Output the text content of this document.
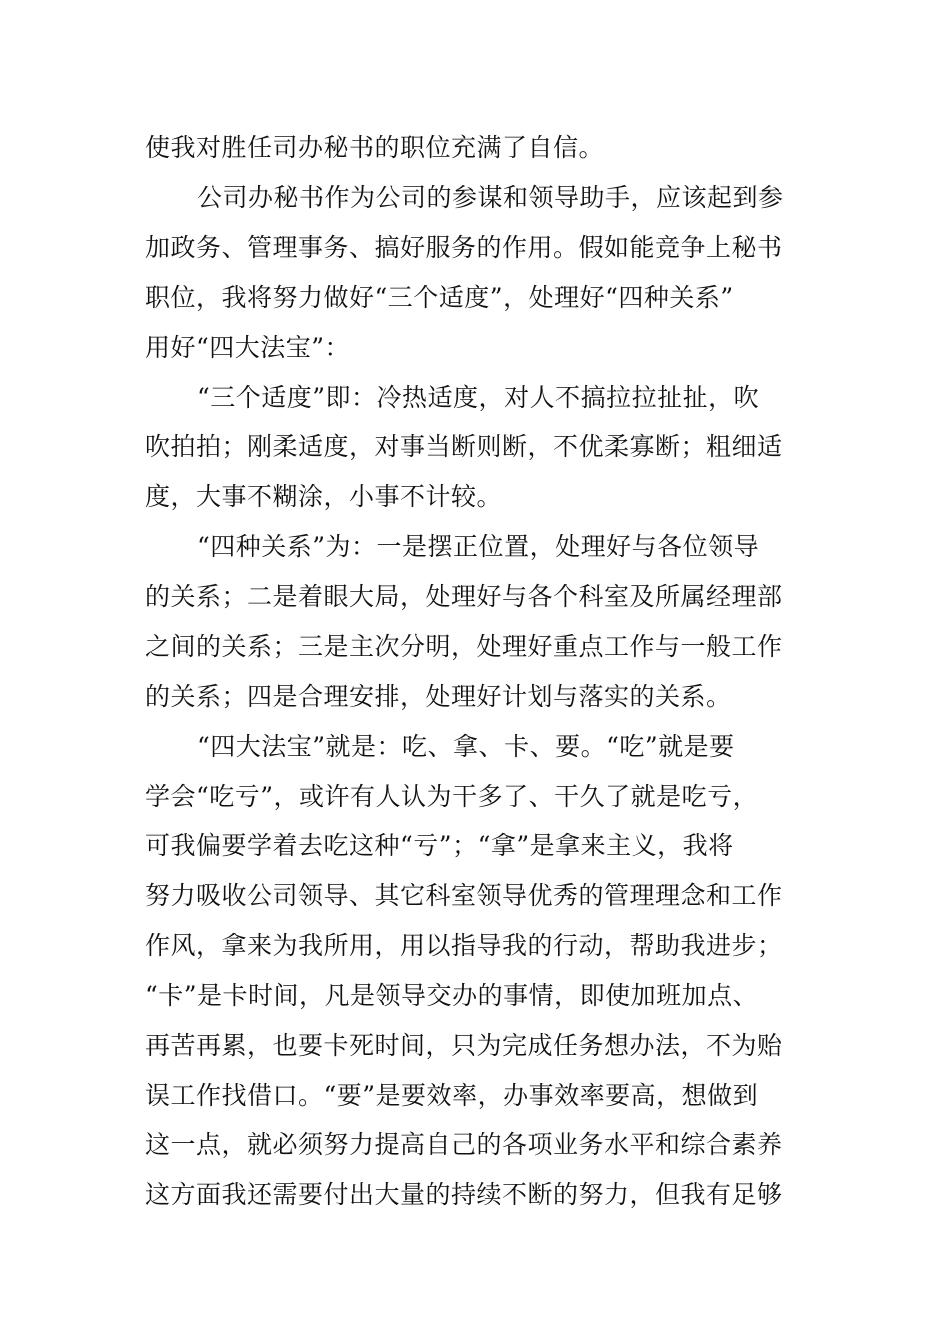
使我对胜任司办秘书的职位充满了自信。
公司办秘书作为公司的参谋和领导助手，应该起到参
加政务、管理事务、搞好服务的作用。假如能竞争上秘书
职位，我将努力做好“三个适度”，处理好“四种关系”
用好“四大法宝”：
“三个适度”即：冷热适度，对人不搞拉拉扯扯，吹
吹拍拍；刚柔适度，对事当断则断，不优柔寡断；粗细适
度，大事不糊涂，小事不计较。
“四种关系”为：一是摆正位置，处理好与各位领导
的关系；二是着眼大局，处理好与各个科室及所属经理部
之间的关系；三是主次分明，处理好重点工作与一般工作
的关系；四是合理安排，处理好计划与落实的关系。
“四大法宝”就是：吃、拿、卡、要。“吃”就是要
学会“吃亏”，或许有人认为干多了、干久了就是吃亏，
可我偏要学着去吃这种“亏”；“拿”是拿来主义，我将
努力吸收公司领导、其它科室领导优秀的管理理念和工作
作风，拿来为我所用，用以指导我的行动，帮助我进步；
“卡”是卡时间，凡是领导交办的事情，即使加班加点、
再苦再累，也要卡死时间，只为完成任务想办法，不为贻
误工作找借口。“要”是要效率，办事效率要高，想做到
这一点，就必须努力提高自己的各项业务水平和综合素养
这方面我还需要付出大量的持续不断的努力，但我有足够
